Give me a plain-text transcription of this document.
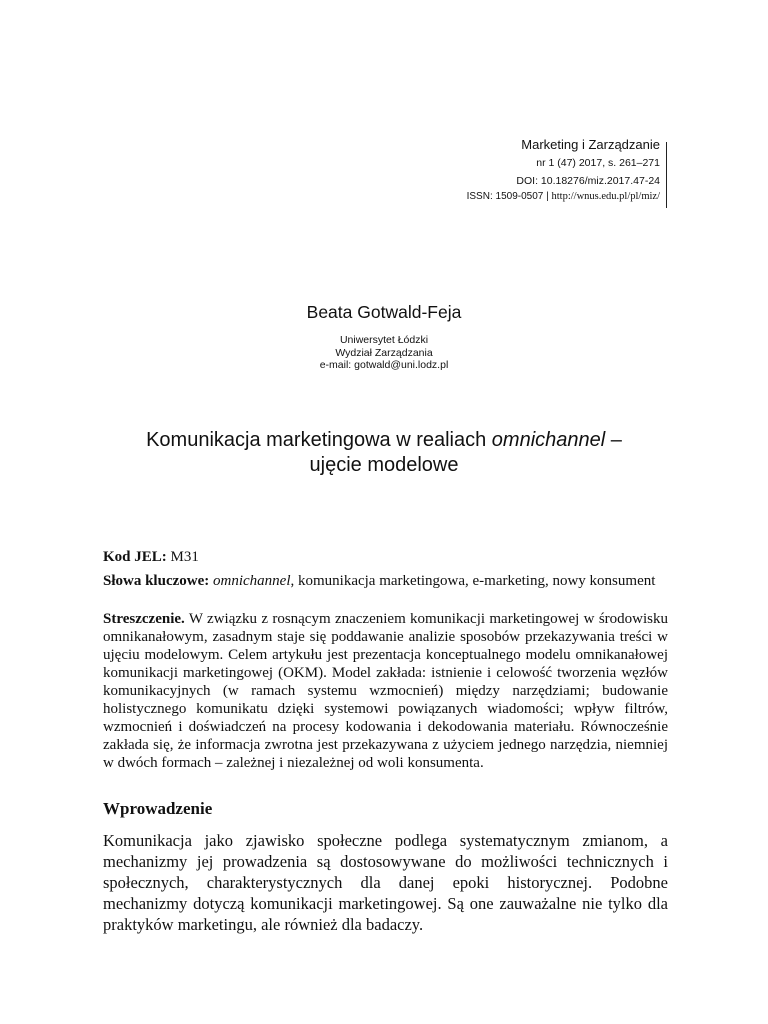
Marketing i Zarządzanie
nr 1 (47) 2017, s. 261–271
DOI: 10.18276/miz.2017.47-24
ISSN: 1509-0507 | http://wnus.edu.pl/pl/miz/
Beata Gotwald-Feja
Uniwersytet Łódzki
Wydział Zarządzania
e-mail: gotwald@uni.lodz.pl
Komunikacja marketingowa w realiach omnichannel –
ujęcie modelowe
Kod JEL: M31
Słowa kluczowe: omnichannel, komunikacja marketingowa, e-marketing, nowy konsument
Streszczenie. W związku z rosnącym znaczeniem komunikacji marketingowej w środowisku omnikanałowym, zasadnym staje się poddawanie analizie sposobów przekazywania treści w ujęciu modelowym. Celem artykułu jest prezentacja konceptualnego modelu omnikanałowej komunikacji marketingowej (OKM). Model zakłada: istnienie i celowość tworzenia węzłów komunikacyjnych (w ramach systemu wzmocnień) między narzędziami; budowanie holistycznego komunikatu dzięki systemowi powiązanych wiadomości; wpływ filtrów, wzmocnień i doświadczeń na procesy kodowania i dekodowania materiału. Równocześnie zakłada się, że informacja zwrotna jest przekazywana z użyciem jednego narzędzia, niemniej w dwóch formach – zależnej i niezależnej od woli konsumenta.
Wprowadzenie
Komunikacja jako zjawisko społeczne podlega systematycznym zmianom, a mechanizmy jej prowadzenia są dostosowywane do możliwości technicznych i społecznych, charakterystycznych dla danej epoki historycznej. Podobne mechanizmy dotyczą komunikacji marketingowej. Są one zauważalne nie tylko dla praktyków marketingu, ale również dla badaczy.
